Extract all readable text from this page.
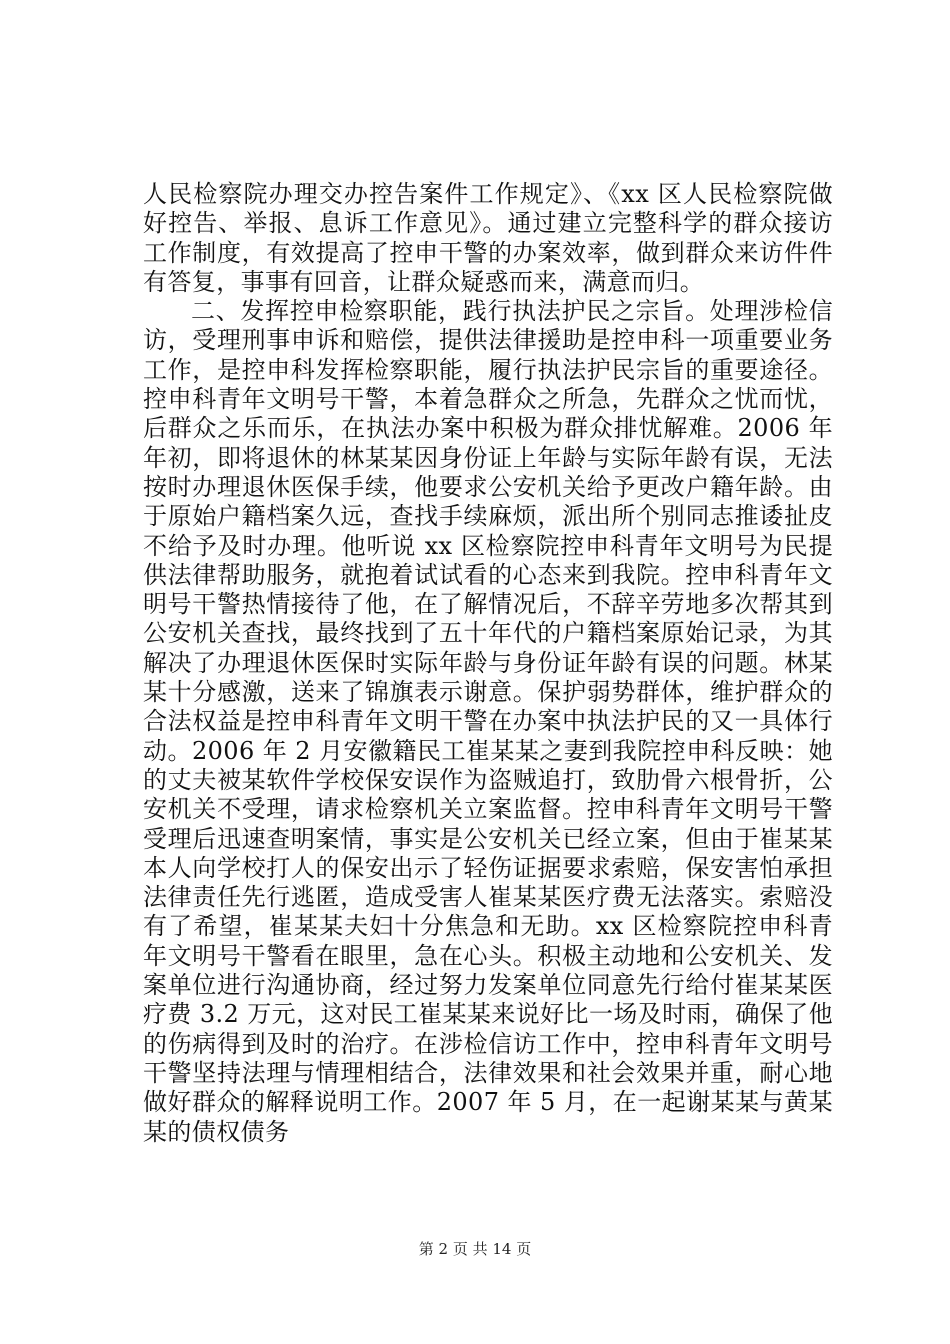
人民检察院办理交办控告案件工作规定》、《xx 区人民检察院做好控告、举报、息诉工作意见》。通过建立完整科学的群众接访工作制度，有效提高了控申干警的办案效率，做到群众来访件件有答复，事事有回音，让群众疑惑而来，满意而归。

二、发挥控申检察职能，践行执法护民之宗旨。处理涉检信访，受理刑事申诉和赔偿，提供法律援助是控申科一项重要业务工作，是控申科发挥检察职能，履行执法护民宗旨的重要途径。控申科青年文明号干警，本着急群众之所急，先群众之忧而忧，后群众之乐而乐，在执法办案中积极为群众排忧解难。2006 年年初，即将退休的林某某因身份证上年龄与实际年龄有误，无法按时办理退休医保手续，他要求公安机关给予更改户籍年龄。由于原始户籍档案久远，查找手续麻烦，派出所个别同志推诿扯皮不给予及时办理。他听说 xx 区检察院控申科青年文明号为民提供法律帮助服务，就抱着试试看的心态来到我院。控申科青年文明号干警热情接待了他，在了解情况后，不辞辛劳地多次帮其到公安机关查找，最终找到了五十年代的户籍档案原始记录，为其解决了办理退休医保时实际年龄与身份证年龄有误的问题。林某某十分感激，送来了锦旗表示谢意。保护弱势群体，维护群众的合法权益是控申科青年文明干警在办案中执法护民的又一具体行动。2006 年 2 月安徽籍民工崔某某之妻到我院控申科反映：她的丈夫被某软件学校保安误作为盗贼追打，致肋骨六根骨折，公安机关不受理，请求检察机关立案监督。控申科青年文明号干警受理后迅速查明案情，事实是公安机关已经立案，但由于崔某某本人向学校打人的保安出示了轻伤证据要求索赔，保安害怕承担法律责任先行逃匿，造成受害人崔某某医疗费无法落实。索赔没有了希望，崔某某夫妇十分焦急和无助。xx 区检察院控申科青年文明号干警看在眼里，急在心头。积极主动地和公安机关、发案单位进行沟通协商，经过努力发案单位同意先行给付崔某某医疗费 3.2 万元，这对民工崔某某来说好比一场及时雨，确保了他的伤病得到及时的治疗。在涉检信访工作中，控申科青年文明号干警坚持法理与情理相结合，法律效果和社会效果并重，耐心地做好群众的解释说明工作。2007 年 5 月，在一起谢某某与黄某某的债权债务

第 2 页 共 14 页
